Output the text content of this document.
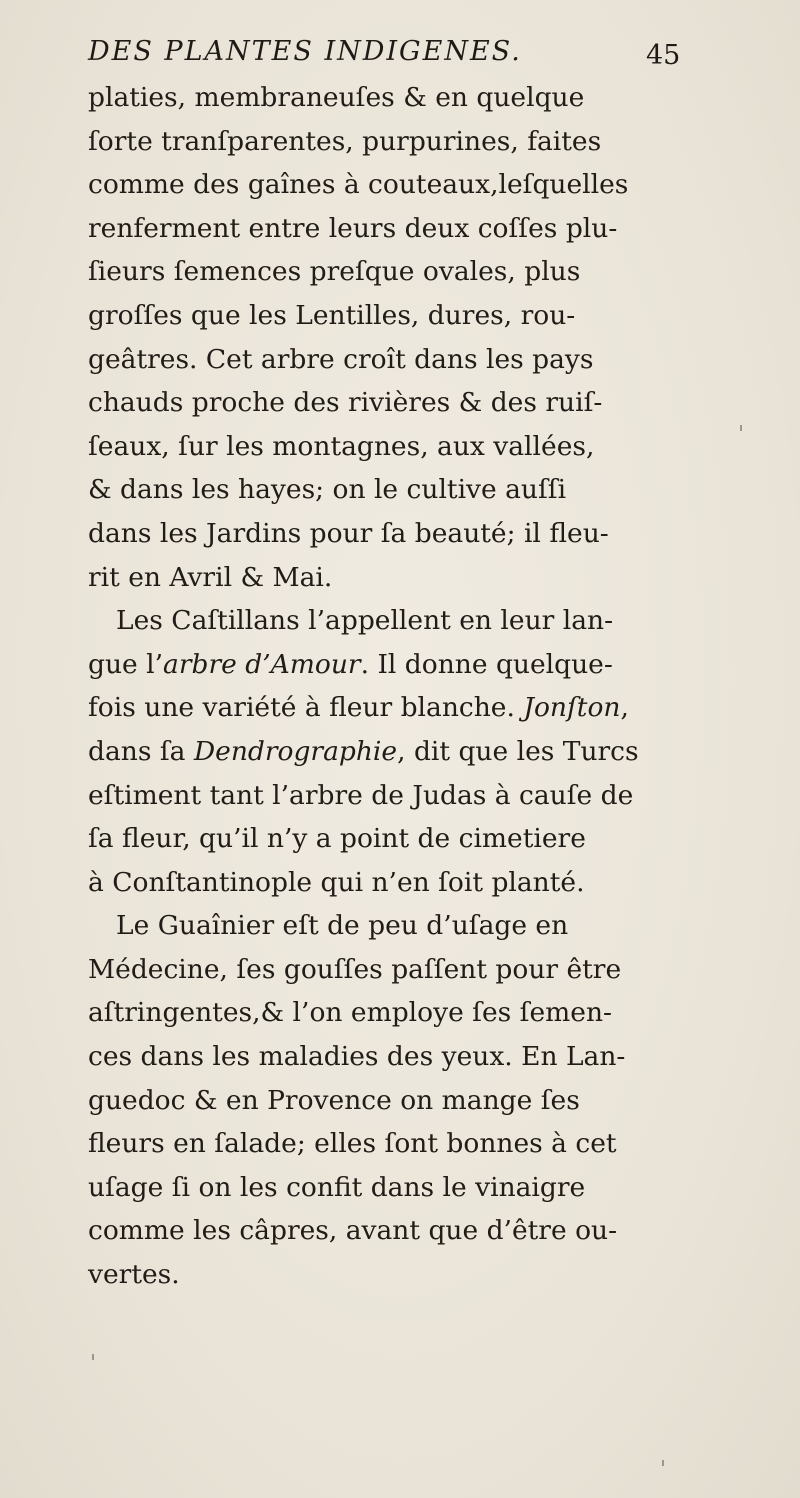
DES PLANTES INDIGENES.	45
platies, membraneuſes & en quelque
ſorte tranſparentes, purpurines, faites
comme des gaînes à couteaux,leſquelles
renferment entre leurs deux coſſes plu-
ſieurs ſemences preſque ovales, plus
groſſes que les Lentilles, dures, rou-
geâtres. Cet arbre croît dans les pays
chauds proche des rivières & des ruiſ-
ſeaux, ſur les montagnes, aux vallées,
& dans les hayes; on le cultive auſſi
dans les Jardins pour ſa beauté; il fleu-
rit en Avril & Mai.
Les Caſtillans l’appellent en leur lan-
gue l’arbre d’Amour. Il donne quelque-
fois une variété à fleur blanche. Jonſton,
dans ſa Dendrographie, dit que les Turcs
eſtiment tant l’arbre de Judas à cauſe de
ſa fleur, qu’il n’y a point de cimetiere
à Conſtantinople qui n’en ſoit planté.
Le Guaînier eſt de peu d’uſage en
Médecine, ſes gouſſes paſſent pour être
aſtringentes,& l’on employe ſes ſemen-
ces dans les maladies des yeux. En Lan-
guedoc & en Provence on mange ſes
fleurs en ſalade; elles ſont bonnes à cet
uſage ſi on les confit dans le vinaigre
comme les câpres, avant que d’être ou-
vertes.
